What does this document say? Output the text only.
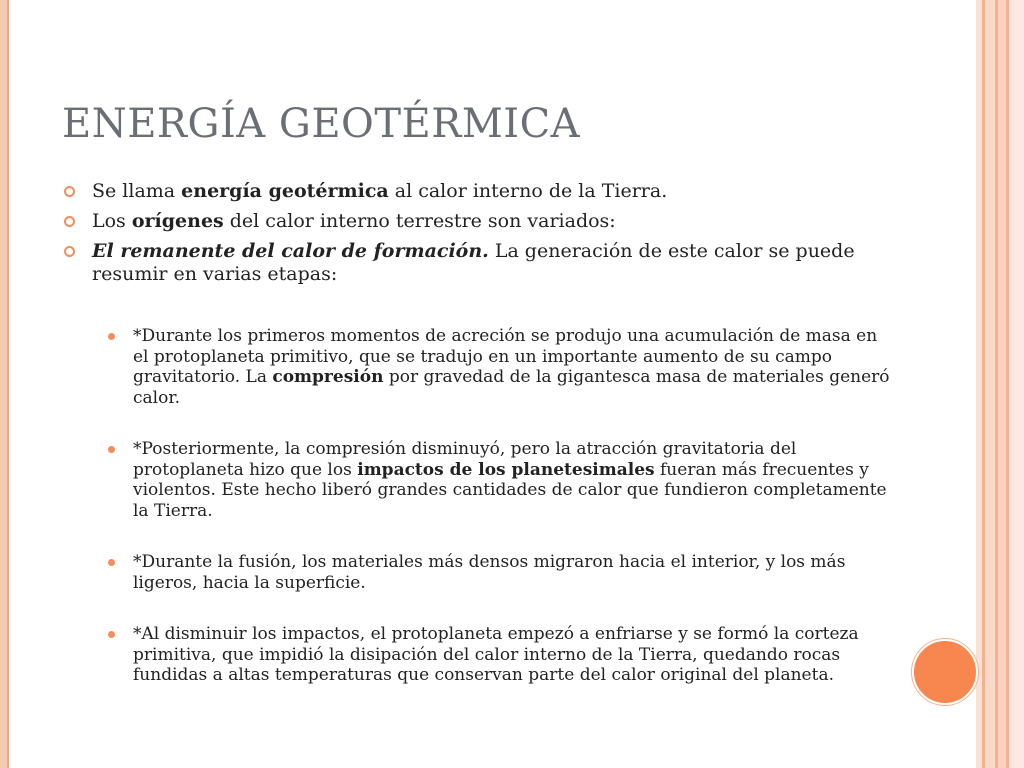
ENERGÍA GEOTÉRMICA
Se llama energía geotérmica al calor interno de la Tierra.
Los orígenes del calor interno terrestre son variados:
El remanente del calor de formación. La generación de este calor se puede resumir en varias etapas:
*Durante los primeros momentos de acreción se produjo una acumulación de masa en el protoplaneta primitivo, que se tradujo en un importante aumento de su campo gravitatorio. La compresión por gravedad de la gigantesca masa de materiales generó calor.
*Posteriormente, la compresión disminuyó, pero la atracción gravitatoria del protoplaneta hizo que los impactos de los planetesimales fueran más frecuentes y violentos. Este hecho liberó grandes cantidades de calor que fundieron completamente la Tierra.
*Durante la fusión, los materiales más densos migraron hacia el interior, y los más ligeros, hacia la superficie.
*Al disminuir los impactos, el protoplaneta empezó a enfriarse y se formó la corteza primitiva, que impidió la disipación del calor interno de la Tierra, quedando rocas fundidas a altas temperaturas que conservan parte del calor original del planeta.
